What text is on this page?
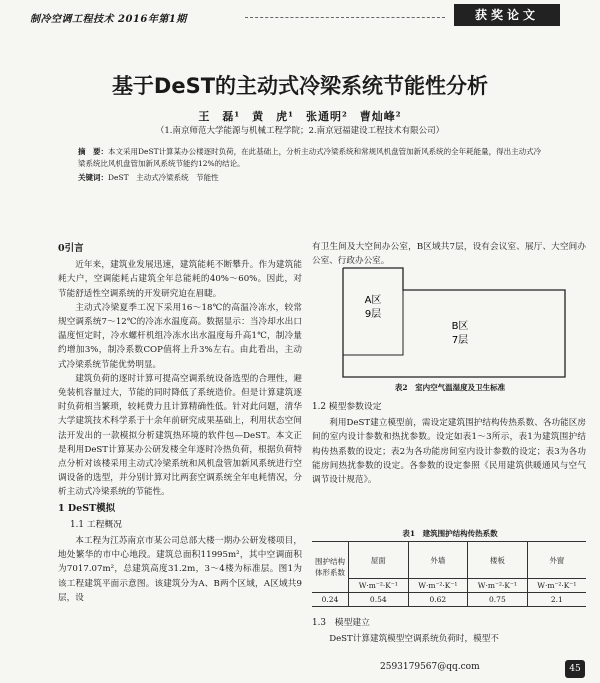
制冷空调工程技术 2016年第1期	获奖论文
基于DeST的主动式冷梁系统节能性分析
王　磊¹　黄　虎¹　张通明²　曹灿峰²
（1.南京师范大学能源与机械工程学院；2.南京冠福建设工程技术有限公司）
摘　要：本文采用DeST计算某办公楼逐时负荷，在此基础上，分析主动式冷梁系统和常规风机盘管加新风系统的全年耗能量，得出主动式冷梁系统比风机盘管加新风系统节能约12%的结论。
关键词：DeST　主动式冷梁系统　节能性
0引言

近年来，建筑业发展迅速，建筑能耗不断攀升。作为建筑能耗大户，空调能耗占建筑全年总能耗的40%～60%。因此，对节能舒适性空调系统的开发研究迫在眉睫。

主动式冷梁夏季工况下采用16～18℃的高温冷冻水，较常规空调系统7～12℃的冷冻水温度高。数据显示：当冷却水出口温度恒定时，冷水螺杆机组冷冻水出水温度每升高1℃，制冷量约增加3%，制冷系数COP值将上升3%左右。由此看出，主动式冷梁系统节能优势明显。

建筑负荷的逐时计算可提高空调系统设备选型的合理性，避免装机容量过大，节能的同时降低了系统造价。但是计算建筑逐时负荷相当繁琐，较耗费力且计算精确性低。针对此问题，清华大学建筑技术科学系于十余年前研究成果基础上，利用状态空间法开发出的一款模拟分析建筑热环境的软件包—DeST。本文正是利用DeST计算某办公研发楼全年逐时冷热负荷，根据负荷特点分析对该楼采用主动式冷梁系统和风机盘管加新风系统进行空调设备的选型，并分别计算对比两套空调系统全年电耗情况，分析主动式冷梁系统的节能性。

1 DeST模拟
1.1 工程概况

本工程为江苏南京市某公司总部大楼一期办公研发楼项目，地处繁华的市中心地段。建筑总面积11995m²，其中空调面积为7017.07m²，总建筑高度31.2m，3～4楼为标准层。图1为该工程建筑平面示意图。该建筑分为A、B两个区域，A区域共9层，设

有卫生间及大空间办公室，B区域共7层，设有会议室、展厅、大空间办公室、行政办公室。

A区
9层
B区
7层
表2　室内空气温湿度及卫生标准
1.2 模型参数设定

利用DeST建立模型前，需设定建筑围护结构传热系数、各功能区房间的室内设计参数和热扰参数。设定如表1～3所示，表1为建筑围护结构传热系数的设定；表2为各功能房间室内设计参数的设定；表3为各功能房间热扰参数的设定。各参数的设定参照《民用建筑供暖通风与空气调节设计规范》。

表1　建筑围护结构传热系数
围护结构体形系数	屋面	外墙	楼板	外窗
	W·m⁻²·K⁻¹	W·m⁻²·K⁻¹	W·m⁻²·K⁻¹	W·m⁻²·K⁻¹
0.24	0.54	0.62	0.75	2.1
1.3　模型建立

DeST计算建筑模型空调系统负荷时，模型不

2593179567@qq.com	45
